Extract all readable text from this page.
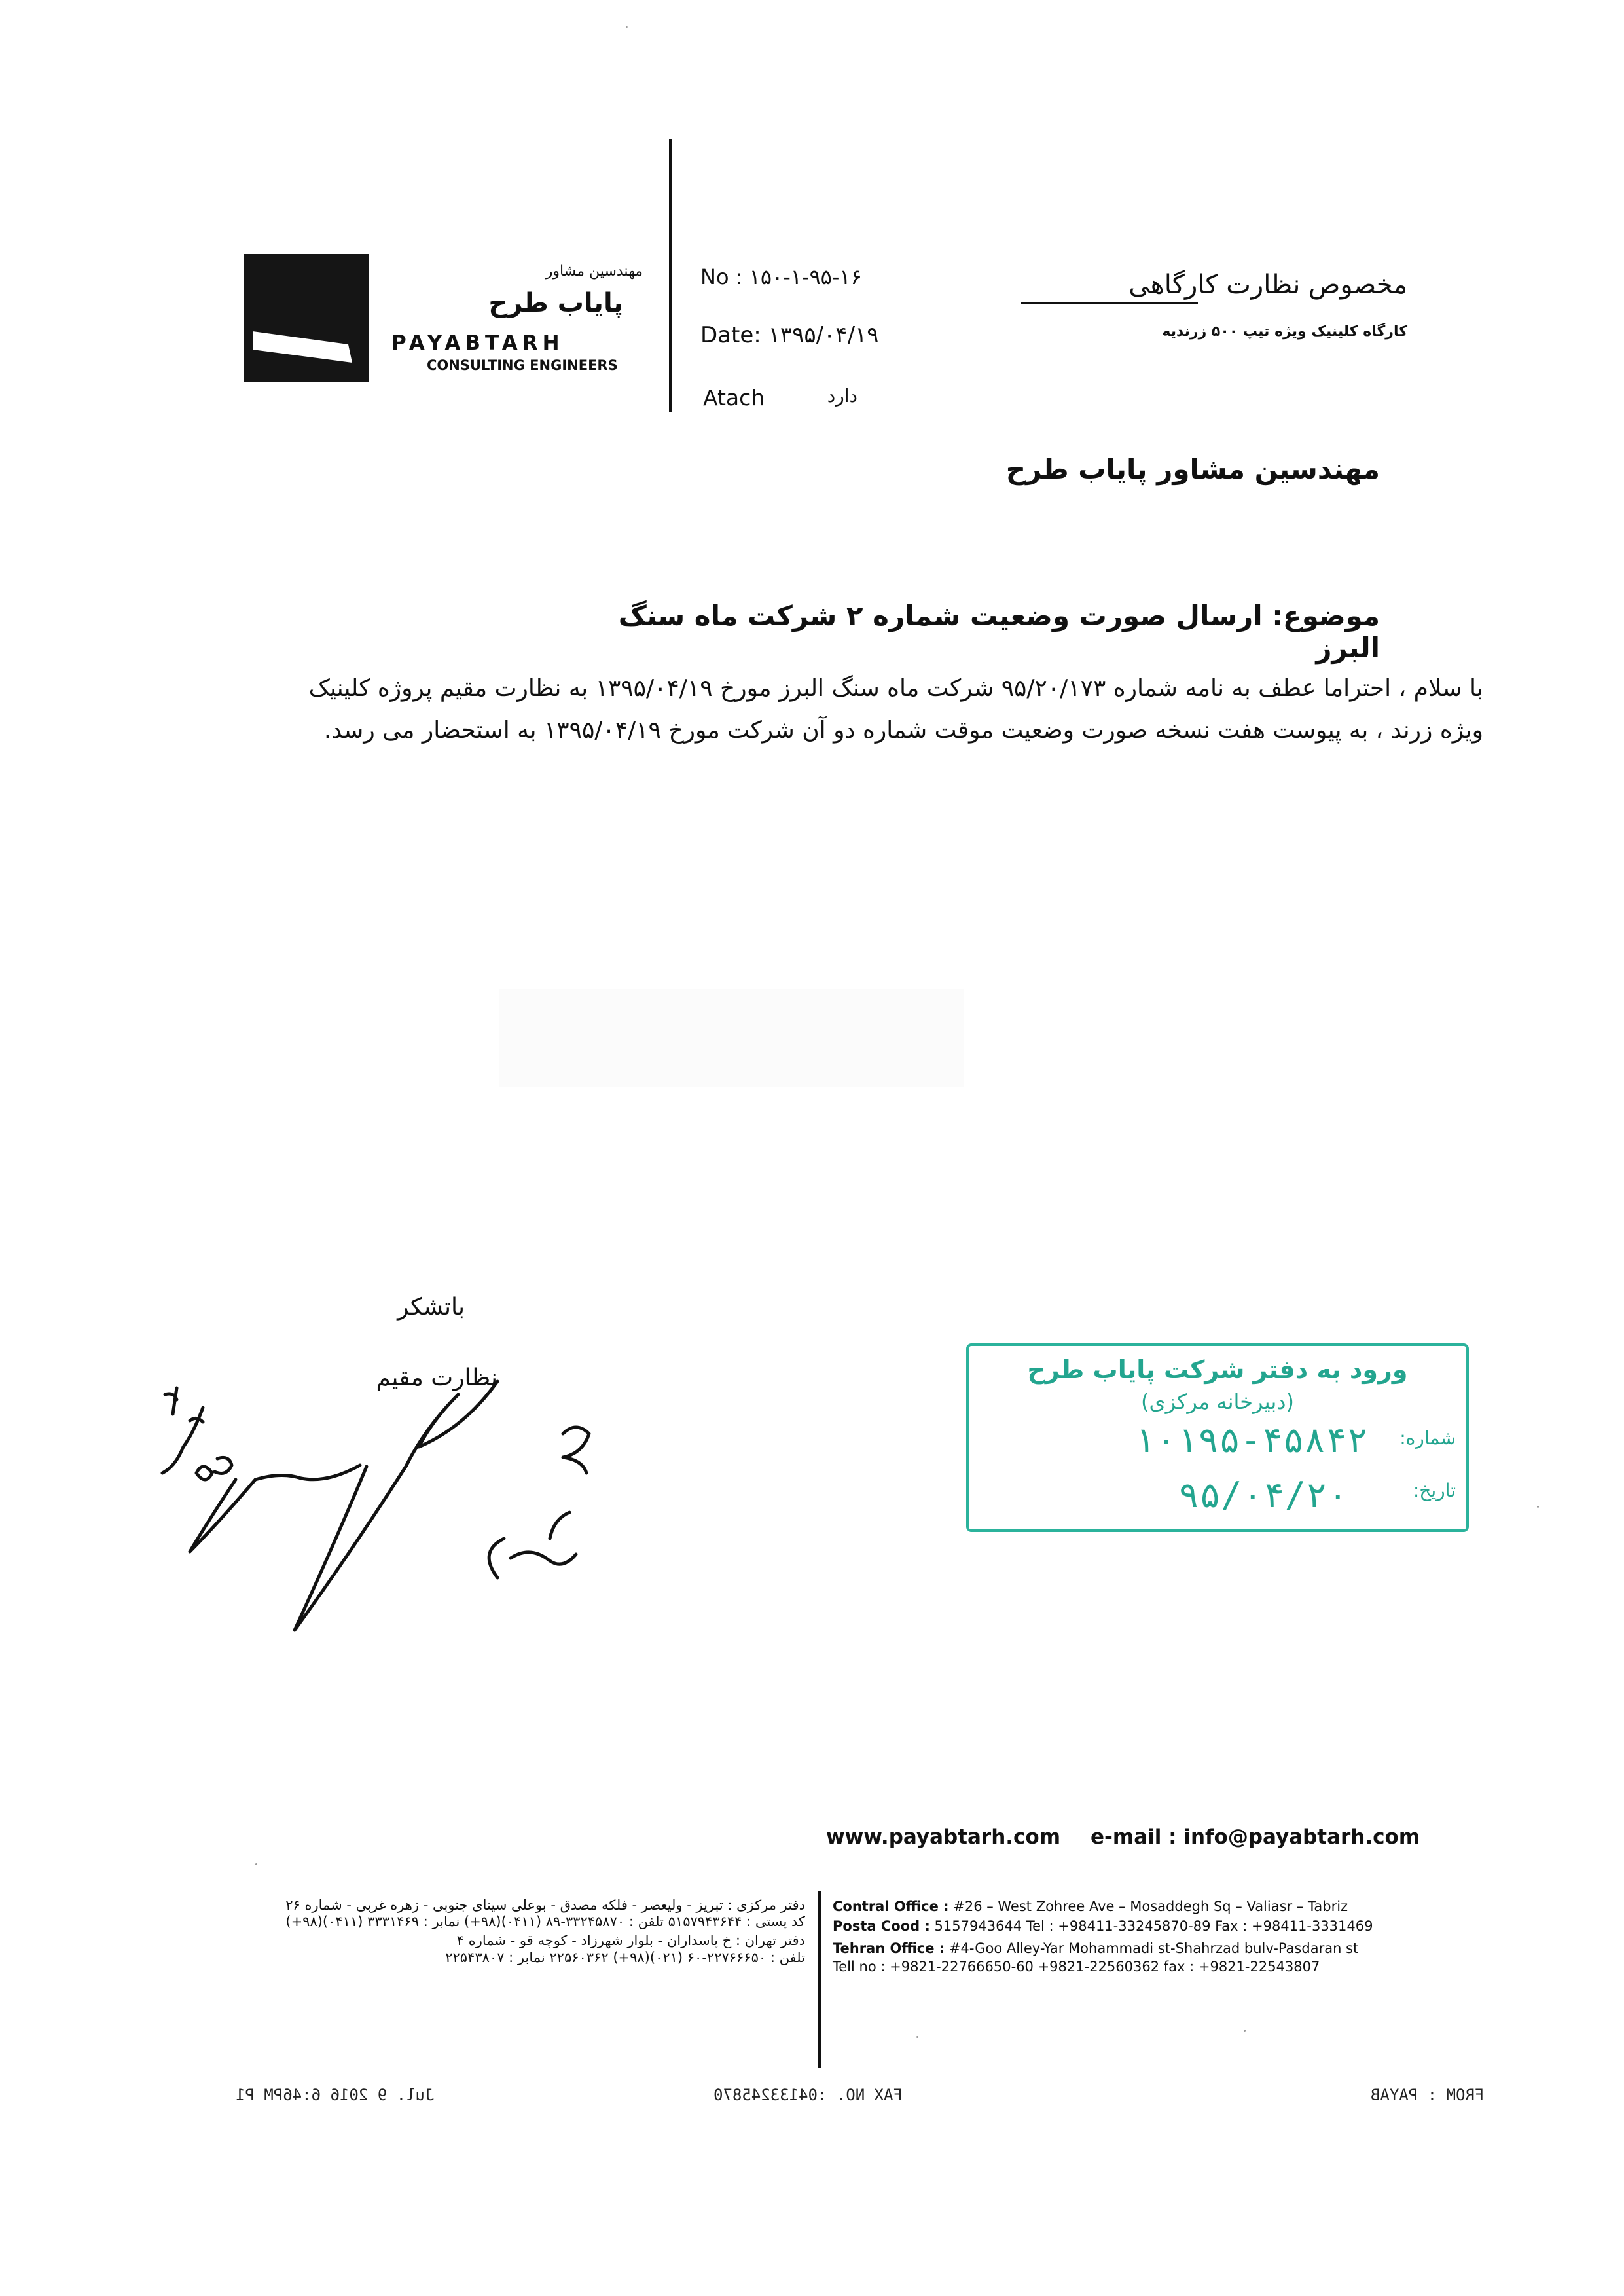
مهندسین مشاور
پایاب طرح
PAYABTARH
CONSULTING ENGINEERS
No : ۱۵۰-۱-۹۵-۱۶
Date: ۱۳۹۵/۰۴/۱۹
Atach	دارد
مخصوص نظارت کارگاهی
کارگاه کلینیک ویژه تیپ ۵۰۰ زرندیه
مهندسین مشاور پایاب طرح
موضوع: ارسال صورت وضعیت شماره ۲ شرکت ماه سنگ البرز
با سلام ، احتراما عطف به نامه شماره ۹۵/۲۰/۱۷۳ شرکت ماه سنگ البرز مورخ ۱۳۹۵/۰۴/۱۹ به نظارت مقیم پروژه کلینیک ویژه زرند ، به پیوست هفت نسخه صورت وضعیت موقت شماره دو آن شرکت مورخ ۱۳۹۵/۰۴/۱۹ به استحضار می رسد.
باتشکر
نظارت مقیم	ورود به دفتر شرکت پایاب طرح
(دبیرخانه مرکزی)
شماره:
۱۰۱۹۵-۴۵۸۴۲
تاریخ:
۹۵/۰۴/۲۰
www.payabtarh.com e-mail : info@payabtarh.com
دفتر مرکزی : تبریز - ولیعصر - فلکه مصدق - بوعلی سینای جنوبی - زهره غربی - شماره ۲۶
کد پستی : ۵۱۵۷۹۴۳۶۴۴ تلفن : ۳۳۲۴۵۸۷۰-۸۹ (۰۴۱۱)(۹۸+) نمابر : ۳۳۳۱۴۶۹ (۰۴۱۱)(۹۸+)
دفتر تهران : خ پاسداران - بلوار شهرزاد - کوچه قو - شماره ۴
تلفن : ۲۲۷۶۶۶۵۰-۶۰ (۰۲۱)(۹۸+) ۲۲۵۶۰۳۶۲ نمابر : ۲۲۵۴۳۸۰۷
Contral Office : #26 – West Zohree Ave – Mosaddegh Sq – Valiasr – Tabriz
Posta Cood : 5157943644 Tel : +98411-33245870-89 Fax : +98411-3331469
Tehran Office : #4-Goo Alley-Yar Mohammadi st-Shahrzad bulv-Pasdaran st
Tell no : +9821-22766650-60 +9821-22560362 fax : +9821-22543807
Jul. 9 2016 6:46PM P1	FAX NO. :04133245870	FROM : PAYAB
